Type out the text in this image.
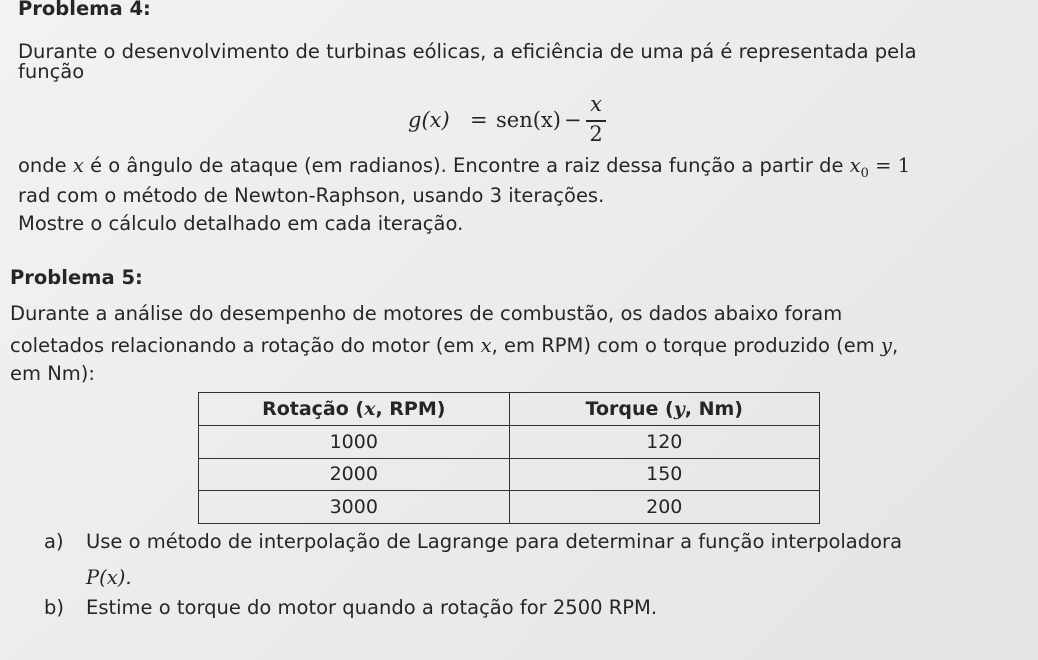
Problema 4:
Durante o desenvolvimento de turbinas eólicas, a eficiência de uma pá é representada pela
função
g(x) = sen(x) −
x
2
onde x é o ângulo de ataque (em radianos). Encontre a raiz dessa função a partir de $x_0 = 1$
rad com o método de Newton-Raphson, usando 3 iterações.
Mostre o cálculo detalhado em cada iteração.
Problema 5:
Durante a análise do desempenho de motores de combustão, os dados abaixo foram
coletados relacionando a rotação do motor (em x, em RPM) com o torque produzido (em y,
em Nm):
Rotação (x, RPM)	Torque (y, Nm)
1000	120
2000	150
3000	200
a) Use o método de interpolação de Lagrange para determinar a função interpoladora
P(x).
b) Estime o torque do motor quando a rotação for 2500 RPM.
